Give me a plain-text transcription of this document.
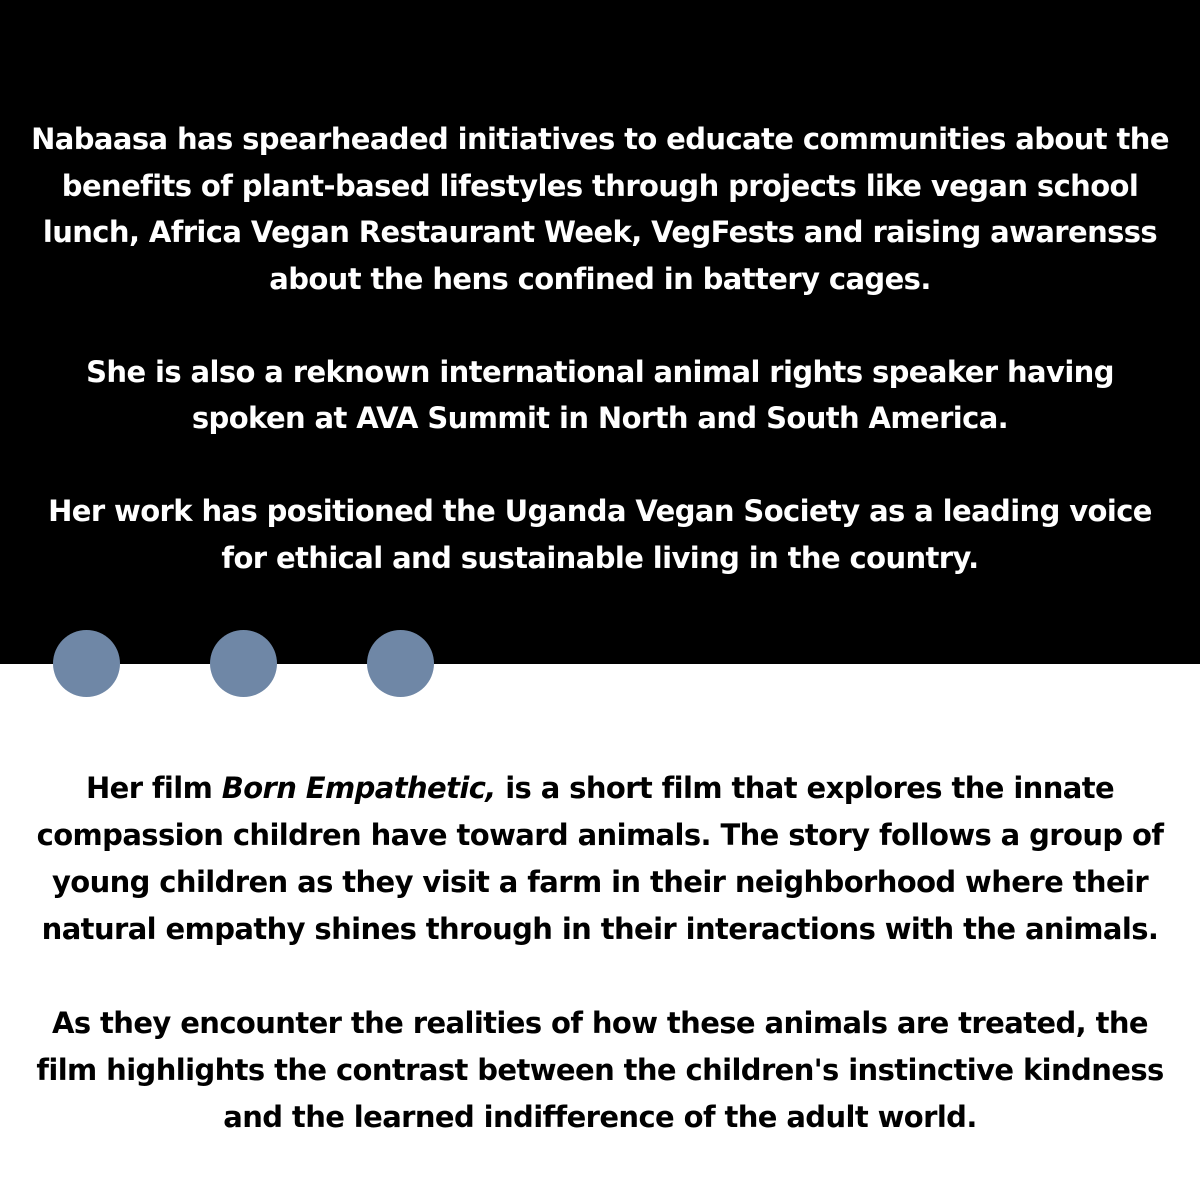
Nabaasa has spearheaded initiatives to educate communities about the benefits of plant-based lifestyles through projects like vegan school lunch, Africa Vegan Restaurant Week, VegFests and raising awarensss about the hens confined in battery cages.

She is also a reknown international animal rights speaker having spoken at AVA Summit in North and South America.

Her work has positioned the Uganda Vegan Society as a leading voice for ethical and sustainable living in the country.

Her film Born Empathetic, is a short film that explores the innate compassion children have toward animals. The story follows a group of young children as they visit a farm in their neighborhood where their natural empathy shines through in their interactions with the animals.

As they encounter the realities of how these animals are treated, the film highlights the contrast between the children's instinctive kindness and the learned indifference of the adult world.
